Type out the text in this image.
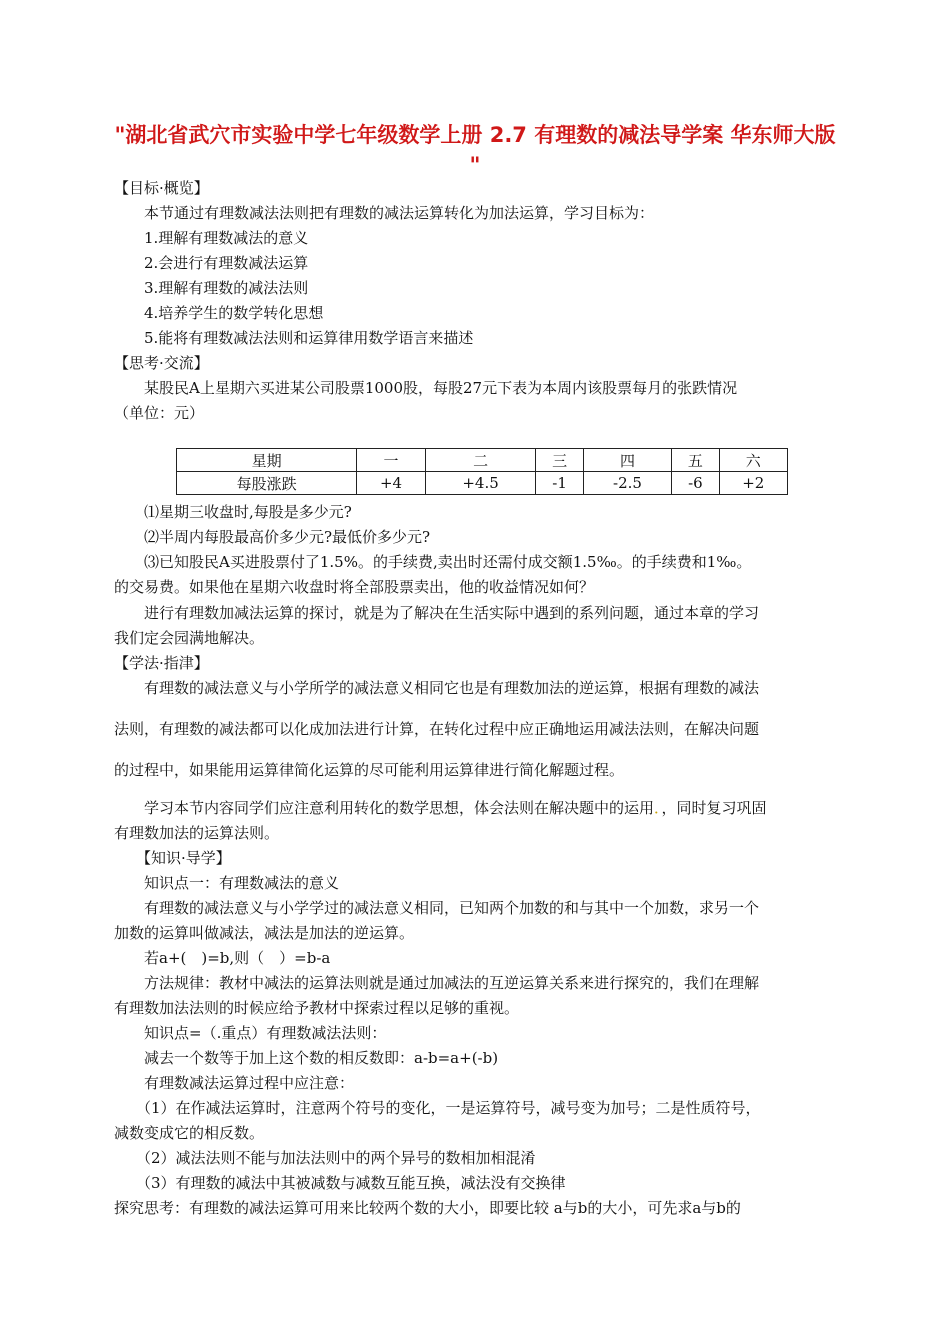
"湖北省武穴市实验中学七年级数学上册 2.7 有理数的减法导学案 华东师大版 "
【目标·概览】
本节通过有理数减法法则把有理数的减法运算转化为加法运算，学习目标为：
1.理解有理数减法的意义
2.会进行有理数减法运算
3.理解有理数的减法法则
4.培养学生的数学转化思想
5.能将有理数减法法则和运算律用数学语言来描述
【思考·交流】
某股民A上星期六买进某公司股票1000股，每股27元下表为本周内该股票每月的张跌情况
（单位：元）
星期	一	二	三	四	五	六
每股涨跌	+4	+4.5	-1	-2.5	-6	+2
⑴星期三收盘时,每股是多少元?
⑵半周内每股最高价多少元?最低价多少元?
⑶已知股民A买进股票付了1.5%。的手续费,卖出时还需付成交额1.5‰。的手续费和1‰。
的交易费。如果他在星期六收盘时将全部股票卖出，他的收益情况如何？
进行有理数加减法运算的探讨，就是为了解决在生活实际中遇到的系列问题，通过本章的学习
我们定会园满地解决。
【学法·指津】
有理数的减法意义与小学所学的减法意义相同它也是有理数加法的逆运算，根据有理数的减法
法则，有理数的减法都可以化成加法进行计算，在转化过程中应正确地运用减法法则，在解决问题
的过程中，如果能用运算律简化运算的尽可能利用运算律进行简化解题过程。
学习本节内容同学们应注意利用转化的数学思想，体会法则在解决题中的运用．，同时复习巩固
有理数加法的运算法则。
【知识·导学】
知识点一：有理数减法的意义
有理数的减法意义与小学学过的减法意义相同，已知两个加数的和与其中一个加数，求另一个
加数的运算叫做减法，减法是加法的逆运算。
若a+(　)=b,则（　）=b-a
方法规律：教材中减法的运算法则就是通过加减法的互逆运算关系来进行探究的，我们在理解
有理数加法法则的时候应给予教材中探索过程以足够的重视。
知识点=（.重点）有理数减法法则：
减去一个数等于加上这个数的相反数即：a-b=a+(-b)
有理数减法运算过程中应注意：
（1）在作减法运算时，注意两个符号的变化，一是运算符号，减号变为加号；二是性质符号，
减数变成它的相反数。
（2）减法法则不能与加法法则中的两个异号的数相加相混淆
（3）有理数的减法中其被减数与减数互能互换，减法没有交换律
探究思考：有理数的减法运算可用来比较两个数的大小，即要比较 a与b的大小，可先求a与b的
